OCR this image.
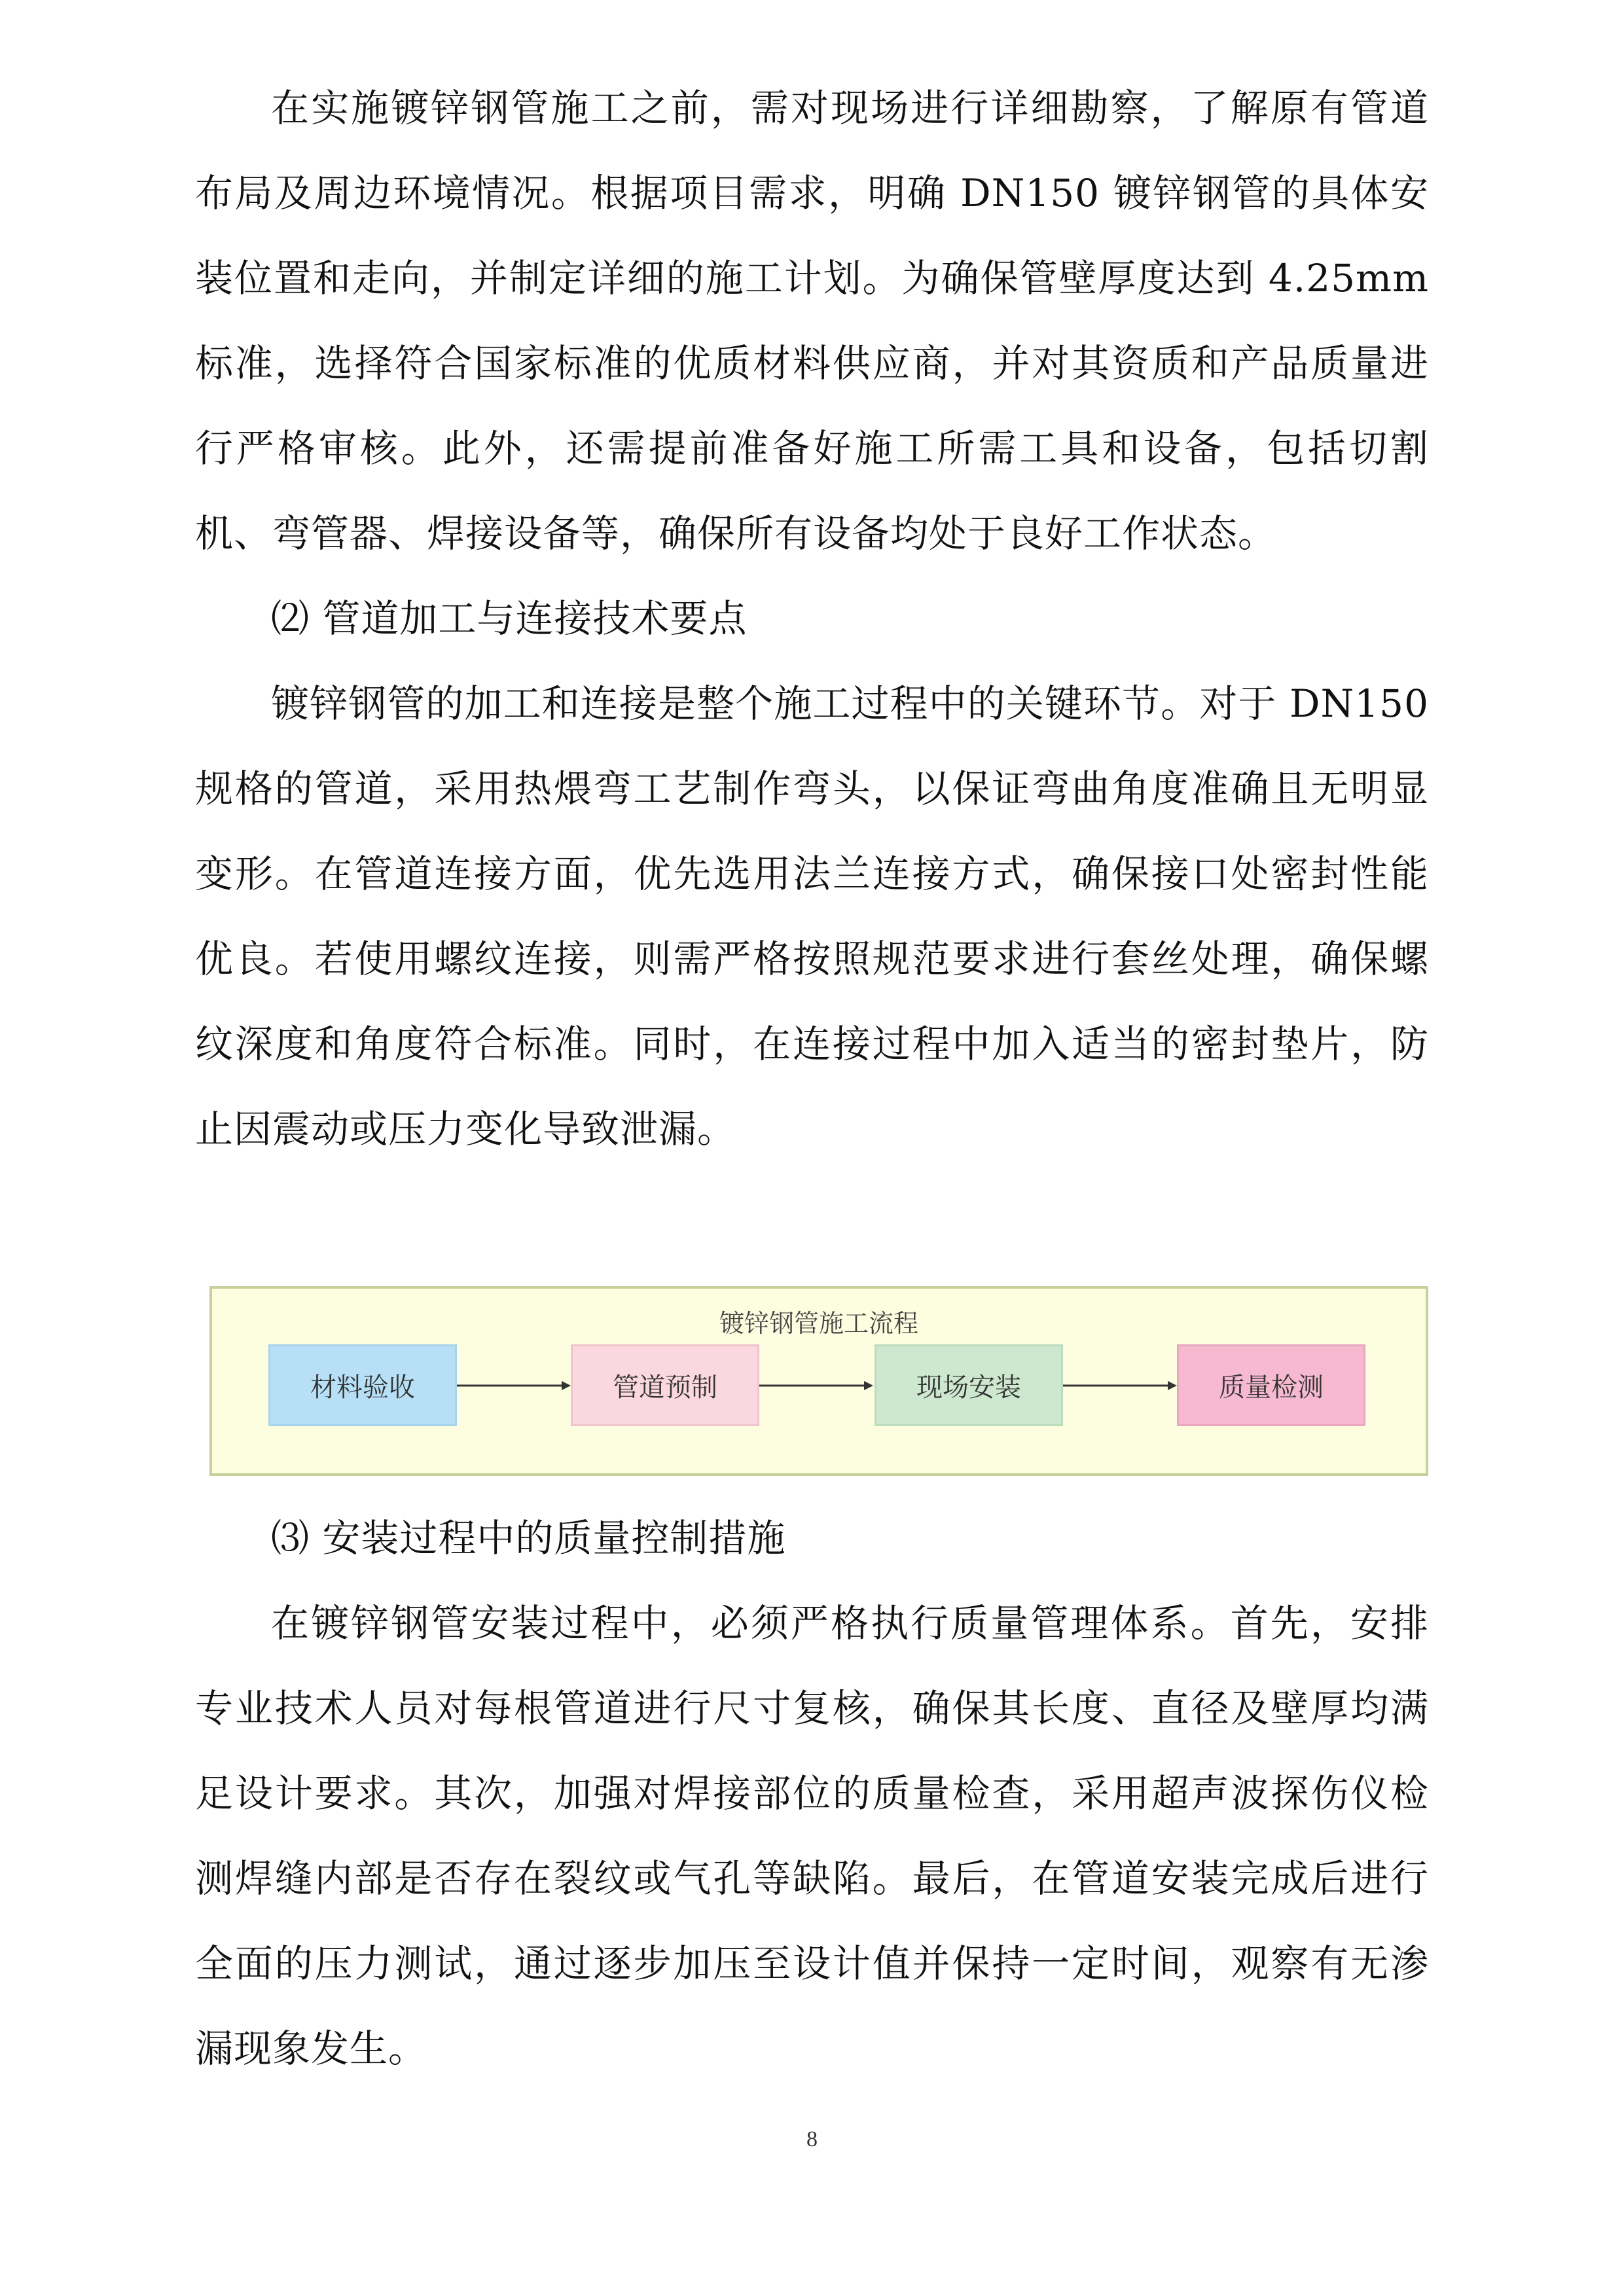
在实施镀锌钢管施工之前，需对现场进行详细勘察，了解原有管道布局及周边环境情况。根据项目需求，明确 DN150 镀锌钢管的具体安装位置和走向，并制定详细的施工计划。为确保管壁厚度达到 4.25mm 标准，选择符合国家标准的优质材料供应商，并对其资质和产品质量进行严格审核。此外，还需提前准备好施工所需工具和设备，包括切割机、弯管器、焊接设备等，确保所有设备均处于良好工作状态。

⑵ 管道加工与连接技术要点

镀锌钢管的加工和连接是整个施工过程中的关键环节。对于 DN150 规格的管道，采用热煨弯工艺制作弯头，以保证弯曲角度准确且无明显变形。在管道连接方面，优先选用法兰连接方式，确保接口处密封性能优良。若使用螺纹连接，则需严格按照规范要求进行套丝处理，确保螺纹深度和角度符合标准。同时，在连接过程中加入适当的密封垫片，防止因震动或压力变化导致泄漏。

镀锌钢管施工流程
材料验收	管道预制	现场安装	质量检测

⑶ 安装过程中的质量控制措施

在镀锌钢管安装过程中，必须严格执行质量管理体系。首先，安排专业技术人员对每根管道进行尺寸复核，确保其长度、直径及壁厚均满足设计要求。其次，加强对焊接部位的质量检查，采用超声波探伤仪检测焊缝内部是否存在裂纹或气孔等缺陷。最后，在管道安装完成后进行全面的压力测试，通过逐步加压至设计值并保持一定时间，观察有无渗漏现象发生。

8
